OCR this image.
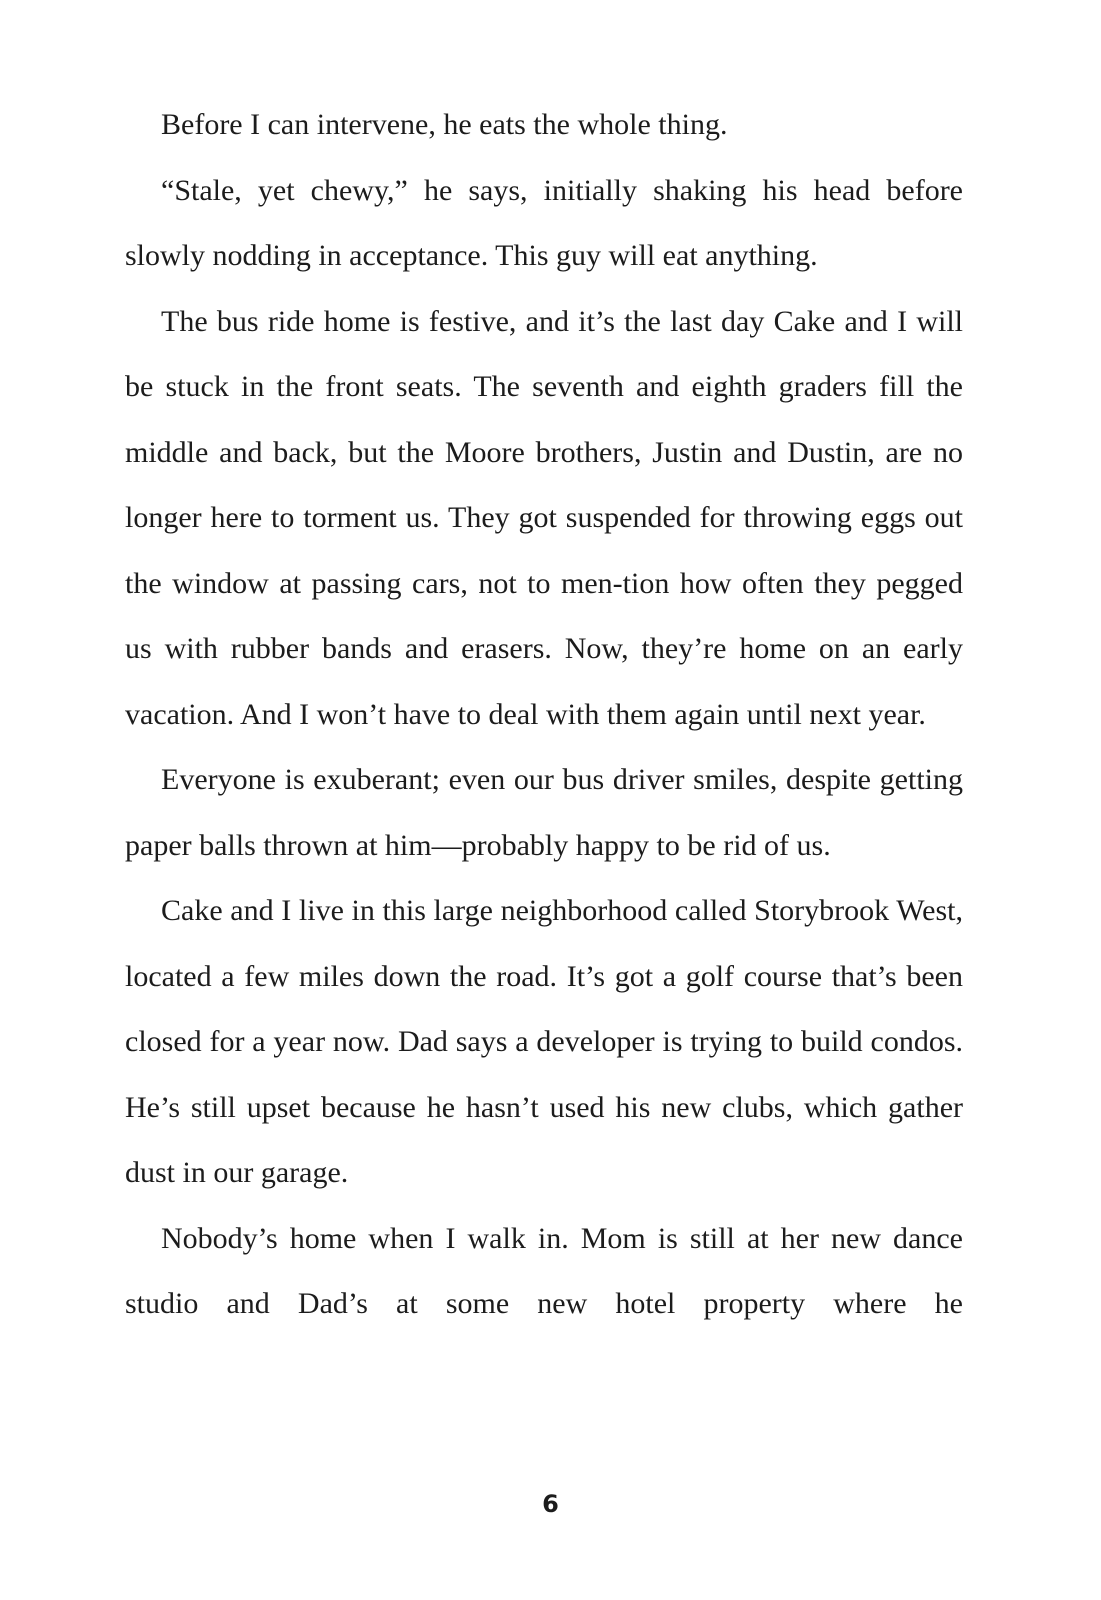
Before I can intervene, he eats the whole thing.

“Stale, yet chewy,” he says, initially shaking his head before slowly nodding in acceptance. This guy will eat anything.

The bus ride home is festive, and it’s the last day Cake and I will be stuck in the front seats. The seventh and eighth graders fill the middle and back, but the Moore brothers, Justin and Dustin, are no longer here to torment us. They got suspended for throwing eggs out the window at passing cars, not to men-tion how often they pegged us with rubber bands and erasers. Now, they’re home on an early vacation. And I won’t have to deal with them again until next year.

Everyone is exuberant; even our bus driver smiles, despite getting paper balls thrown at him—probably happy to be rid of us.

Cake and I live in this large neighborhood called Storybrook West, located a few miles down the road. It’s got a golf course that’s been closed for a year now. Dad says a developer is trying to build condos. He’s still upset because he hasn’t used his new clubs, which gather dust in our garage.

Nobody’s home when I walk in. Mom is still at her new dance studio and Dad’s at some new hotel property where he

6
